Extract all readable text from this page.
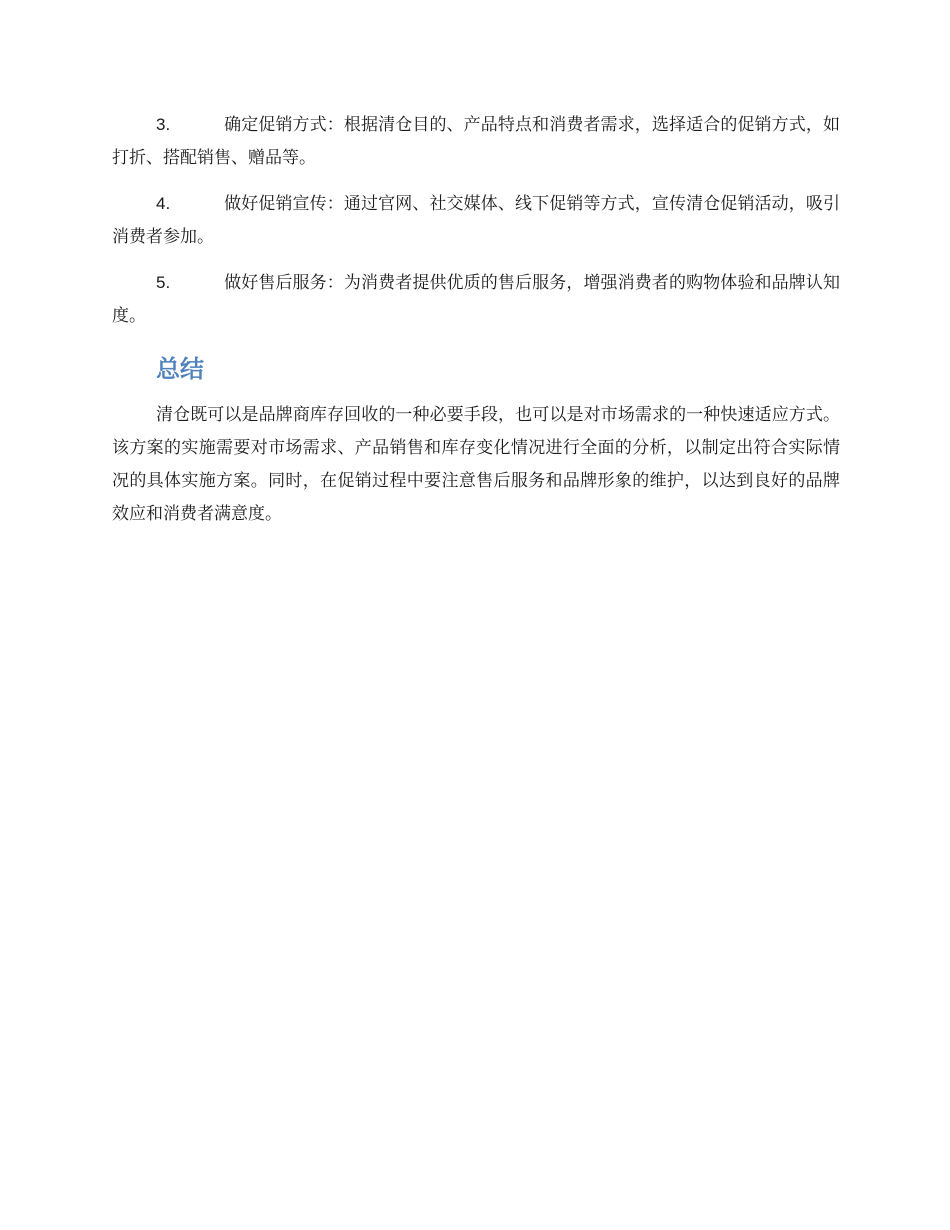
3.	确定促销方式：根据清仓目的、产品特点和消费者需求，选择适合的促销方式，如打折、搭配销售、赠品等。

4.	做好促销宣传：通过官网、社交媒体、线下促销等方式，宣传清仓促销活动，吸引消费者参加。

5.	做好售后服务：为消费者提供优质的售后服务，增强消费者的购物体验和品牌认知度。

总结

清仓既可以是品牌商库存回收的一种必要手段，也可以是对市场需求的一种快速适应方式。该方案的实施需要对市场需求、产品销售和库存变化情况进行全面的分析，以制定出符合实际情况的具体实施方案。同时，在促销过程中要注意售后服务和品牌形象的维护，以达到良好的品牌效应和消费者满意度。
